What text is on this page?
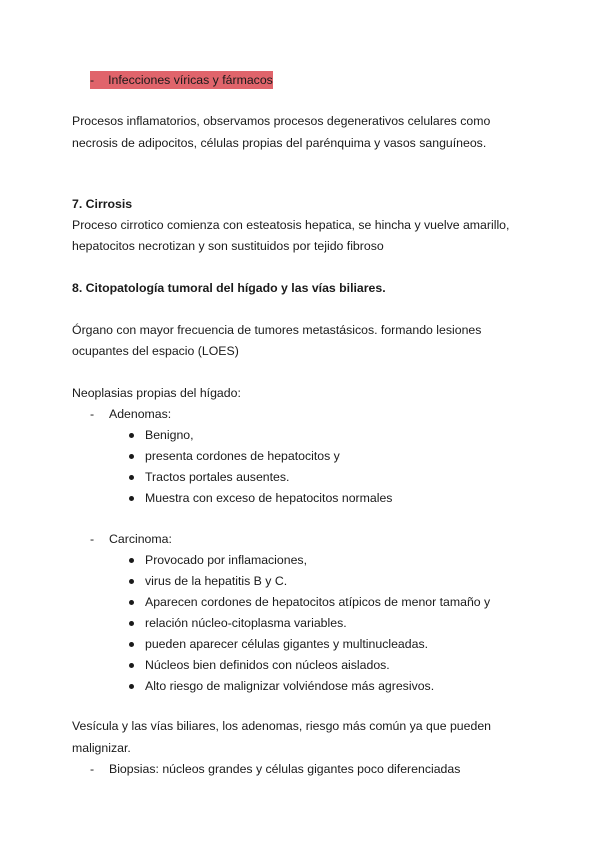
- Infecciones víricas y fármacos
Procesos inflamatorios, observamos procesos degenerativos celulares como
necrosis de adipocitos, células propias del parénquima y vasos sanguíneos.
7. Cirrosis
Proceso cirrotico comienza con esteatosis hepatica, se hincha y vuelve amarillo,
hepatocitos necrotizan y son sustituidos por tejido fibroso
8. Citopatología tumoral del hígado y las vías biliares.
Órgano con mayor frecuencia de tumores metastásicos. formando lesiones
ocupantes del espacio (LOES)
Neoplasias propias del hígado:
- Adenomas:
Benigno,
presenta cordones de hepatocitos y
Tractos portales ausentes.
Muestra con exceso de hepatocitos normales
- Carcinoma:
Provocado por inflamaciones,
virus de la hepatitis B y C.
Aparecen cordones de hepatocitos atípicos de menor tamaño y
relación núcleo-citoplasma variables.
pueden aparecer células gigantes y multinucleadas.
Núcleos bien definidos con núcleos aislados.
Alto riesgo de malignizar volviéndose más agresivos.
Vesícula y las vías biliares, los adenomas, riesgo más común ya que pueden
malignizar.
- Biopsias: núcleos grandes y células gigantes poco diferenciadas
